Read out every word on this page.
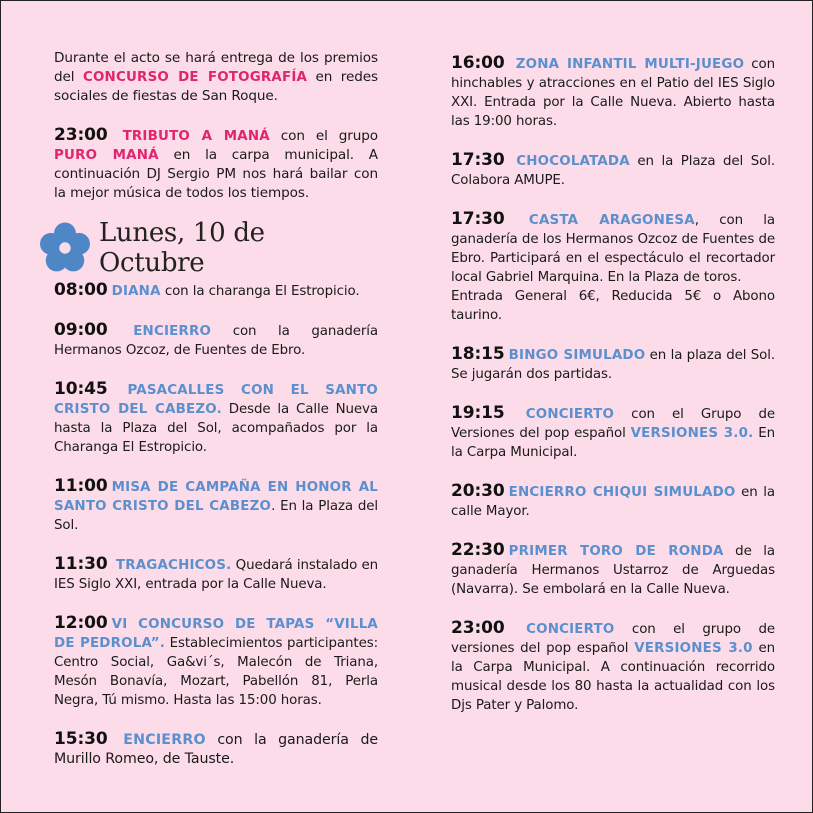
Durante el acto se hará entrega de los premios del CONCURSO DE FOTOGRAFÍA en redes sociales de fiestas de San Roque.

23:00 TRIBUTO A MANÁ con el grupo PURO MANÁ en la carpa municipal. A continuación DJ Sergio PM nos hará bailar con la mejor música de todos los tiempos.

Lunes, 10 de Octubre

08:00 DIANA con la charanga El Estropicio.

09:00 ENCIERRO con la ganadería Hermanos Ozcoz, de Fuentes de Ebro.

10:45 PASACALLES CON EL SANTO CRISTO DEL CABEZO. Desde la Calle Nueva hasta la Plaza del Sol, acompañados por la Charanga El Estropicio.

11:00 MISA DE CAMPAÑA EN HONOR AL SANTO CRISTO DEL CABEZO. En la Plaza del Sol.

11:30 TRAGACHICOS. Quedará instalado en IES Siglo XXI, entrada por la Calle Nueva.

12:00 VI CONCURSO DE TAPAS “VILLA DE PEDROLA”. Establecimientos participantes: Centro Social, Ga&vi´s, Malecón de Triana, Mesón Bonavía, Mozart, Pabellón 81, Perla Negra, Tú mismo. Hasta las 15:00 horas.

15:30 ENCIERRO con la ganadería de Murillo Romeo, de Tauste.

16:00 ZONA INFANTIL MULTI-JUEGO con hinchables y atracciones en el Patio del IES Siglo XXI. Entrada por la Calle Nueva. Abierto hasta las 19:00 horas.

17:30 CHOCOLATADA en la Plaza del Sol. Colabora AMUPE.

17:30 CASTA ARAGONESA, con la ganadería de los Hermanos Ozcoz de Fuentes de Ebro. Participará en el espectáculo el recortador local Gabriel Marquina. En la Plaza de toros.
Entrada General 6€, Reducida 5€ o Abono taurino.

18:15 BINGO SIMULADO en la plaza del Sol. Se jugarán dos partidas.

19:15 CONCIERTO con el Grupo de Versiones del pop español VERSIONES 3.0. En la Carpa Municipal.

20:30 ENCIERRO CHIQUI SIMULADO en la calle Mayor.

22:30 PRIMER TORO DE RONDA de la ganadería Hermanos Ustarroz de Arguedas (Navarra). Se embolará en la Calle Nueva.

23:00 CONCIERTO con el grupo de versiones del pop español VERSIONES 3.0 en la Carpa Municipal. A continuación recorrido musical desde los 80 hasta la actualidad con los Djs Pater y Palomo.
